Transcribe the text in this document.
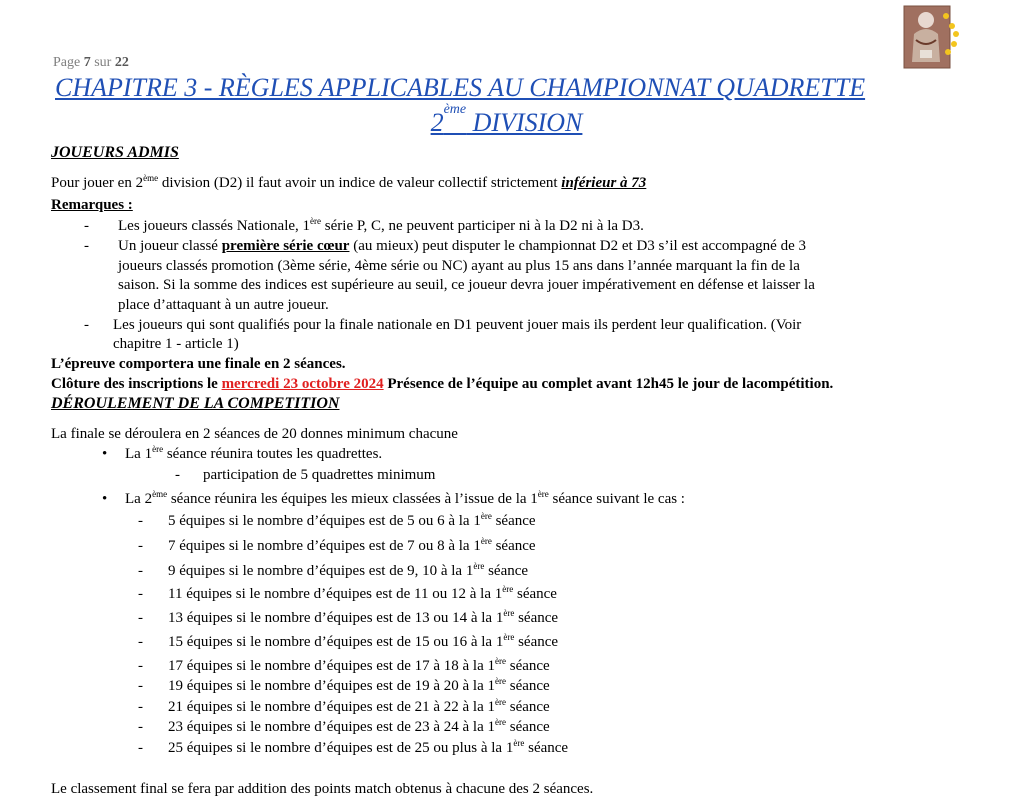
Page 7 sur 22
CHAPITRE 3 - RÈGLES APPLICABLES AU CHAMPIONNAT QUADRETTE
2ème DIVISION
JOUEURS ADMIS
Pour jouer en 2ème division (D2) il faut avoir un indice de valeur collectif strictement inférieur à 73
Remarques :
- Les joueurs classés Nationale, 1ère série P, C, ne peuvent participer ni à la D2 ni à la D3.
- Un joueur classé première série cœur (au mieux) peut disputer le championnat D2 et D3 s’il est accompagné de 3
joueurs classés promotion (3ème série, 4ème série ou NC) ayant au plus 15 ans dans l’année marquant la fin de la
saison. Si la somme des indices est supérieure au seuil, ce joueur devra jouer impérativement en défense et laisser la
place d’attaquant à un autre joueur.
- Les joueurs qui sont qualifiés pour la finale nationale en D1 peuvent jouer mais ils perdent leur qualification. (Voir
chapitre 1 - article 1)
L’épreuve comportera une finale en 2 séances.
Clôture des inscriptions le mercredi 23 octobre 2024 Présence de l’équipe au complet avant 12h45 le jour de lacompétition.
DÉROULEMENT DE LA COMPETITION
La finale se déroulera en 2 séances de 20 donnes minimum chacune
• La 1ère séance réunira toutes les quadrettes.
- participation de 5 quadrettes minimum
• La 2ème séance réunira les équipes les mieux classées à l’issue de la 1ère séance suivant le cas :
- 5 équipes si le nombre d’équipes est de 5 ou 6 à la 1ère séance
- 7 équipes si le nombre d’équipes est de 7 ou 8 à la 1ère séance
- 9 équipes si le nombre d’équipes est de 9, 10 à la 1ère séance
- 11 équipes si le nombre d’équipes est de 11 ou 12 à la 1ère séance
- 13 équipes si le nombre d’équipes est de 13 ou 14 à la 1ère séance
- 15 équipes si le nombre d’équipes est de 15 ou 16 à la 1ère séance
- 17 équipes si le nombre d’équipes est de 17 à 18 à la 1ère séance
- 19 équipes si le nombre d’équipes est de 19 à 20 à la 1ère séance
- 21 équipes si le nombre d’équipes est de 21 à 22 à la 1ère séance
- 23 équipes si le nombre d’équipes est de 23 à 24 à la 1ère séance
- 25 équipes si le nombre d’équipes est de 25 ou plus à la 1ère séance
Le classement final se fera par addition des points match obtenus à chacune des 2 séances.
